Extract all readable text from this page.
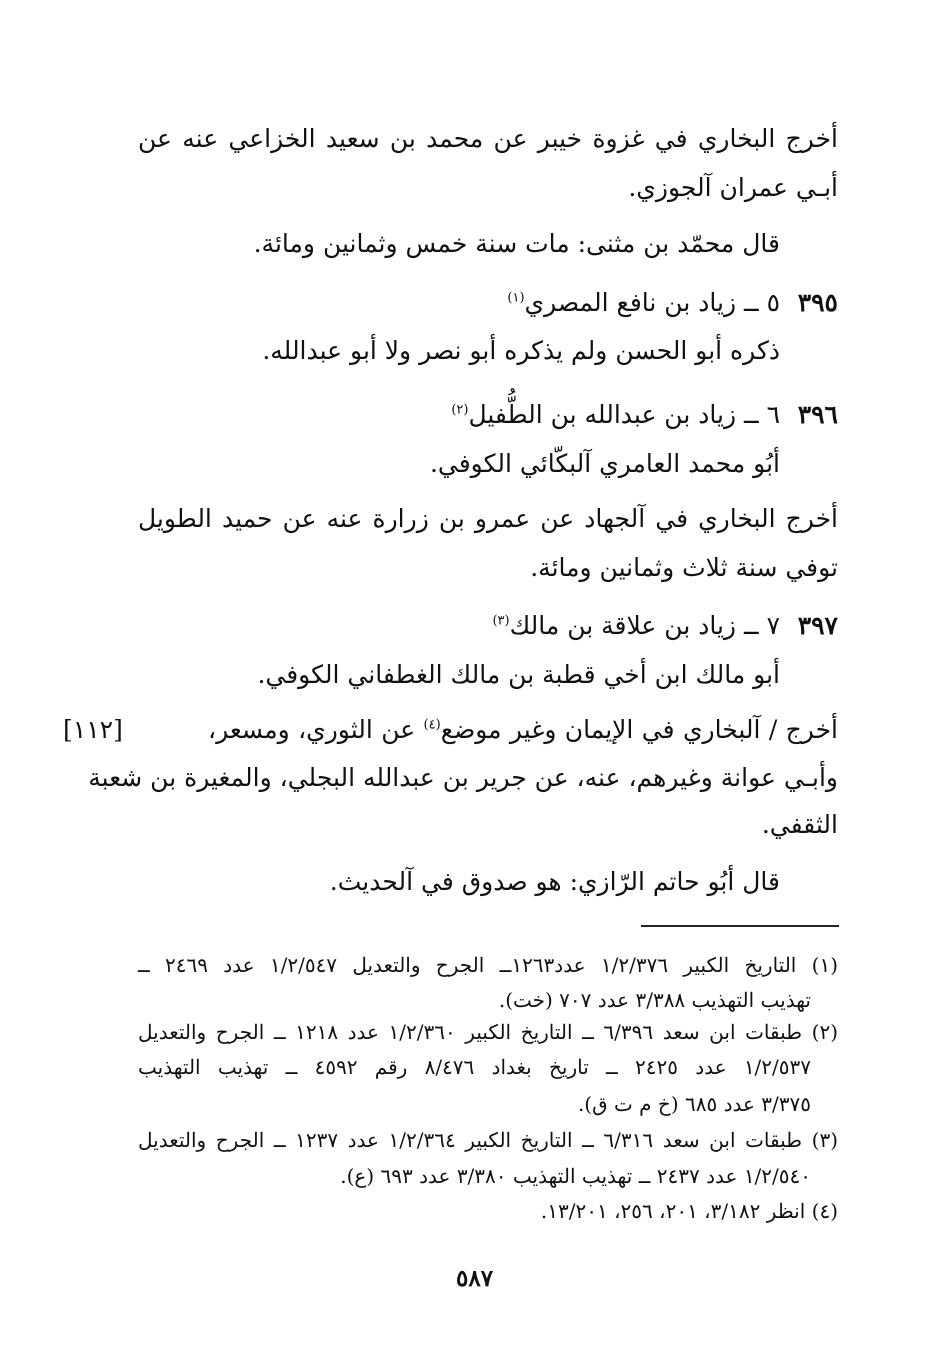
أخرج البخاري في غزوة خيبر عن محمد بن سعيد الخزاعي عنه عن
أبـي عمران آلجوزي.
قال محمّد بن مثنى: مات سنة خمس وثمانين ومائة.
٣٩٥
٥ ــ زياد بن نافع المصري$^{(١)}$
ذكره أبو الحسن ولم يذكره أبو نصر ولا أبو عبدالله.
٣٩٦
٦ ــ زياد بن عبدالله بن الطُّفيل$^{(٢)}$
أبُو محمد العامري آلبكّائي الكوفي.
أخرج البخاري في آلجهاد عن عمرو بن زرارة عنه عن حميد الطويل
توفي سنة ثلاث وثمانين ومائة.
٣٩٧
٧ ــ زياد بن علاقة بن مالك$^{(٣)}$
أبو مالك ابن أخي قطبة بن مالك الغطفاني الكوفي.
أخرج / آلبخاري في الإيمان وغير موضع$^{(٤)}$ عن الثوري، ومسعر،
[١١٢]
وأبـي عوانة وغيرهم، عنه، عن جرير بن عبدالله البجلي، والمغيرة بن شعبة
الثقفي.
قال أبُو حاتم الرّازي: هو صدوق في آلحديث.
(١) التاريخ الكبير ١/٢/٣٧٦ عدد١٢٦٣ــ الجرح والتعديل ١/٢/٥٤٧ عدد ٢٤٦٩ ــ
تهذيب التهذيب ٣/٣٨٨ عدد ٧٠٧ (خت).
(٢) طبقات ابن سعد ٦/٣٩٦ ــ التاريخ الكبير ١/٢/٣٦٠ عدد ١٢١٨ ــ الجرح والتعديل
١/٢/٥٣٧ عدد ٢٤٢٥ ــ تاريخ بغداد ٨/٤٧٦ رقم ٤٥٩٢ ــ تهذيب التهذيب
٣/٣٧٥ عدد ٦٨٥ (خ م ت ق).
(٣) طبقات ابن سعد ٦/٣١٦ ــ التاريخ الكبير ١/٢/٣٦٤ عدد ١٢٣٧ ــ الجرح والتعديل
١/٢/٥٤٠ عدد ٢٤٣٧ ــ تهذيب التهذيب ٣/٣٨٠ عدد ٦٩٣ (ع).
(٤) انظر ٣/١٨٢، ٢٠١، ٢٥٦، ١٣/٢٠١.
٥٨٧
